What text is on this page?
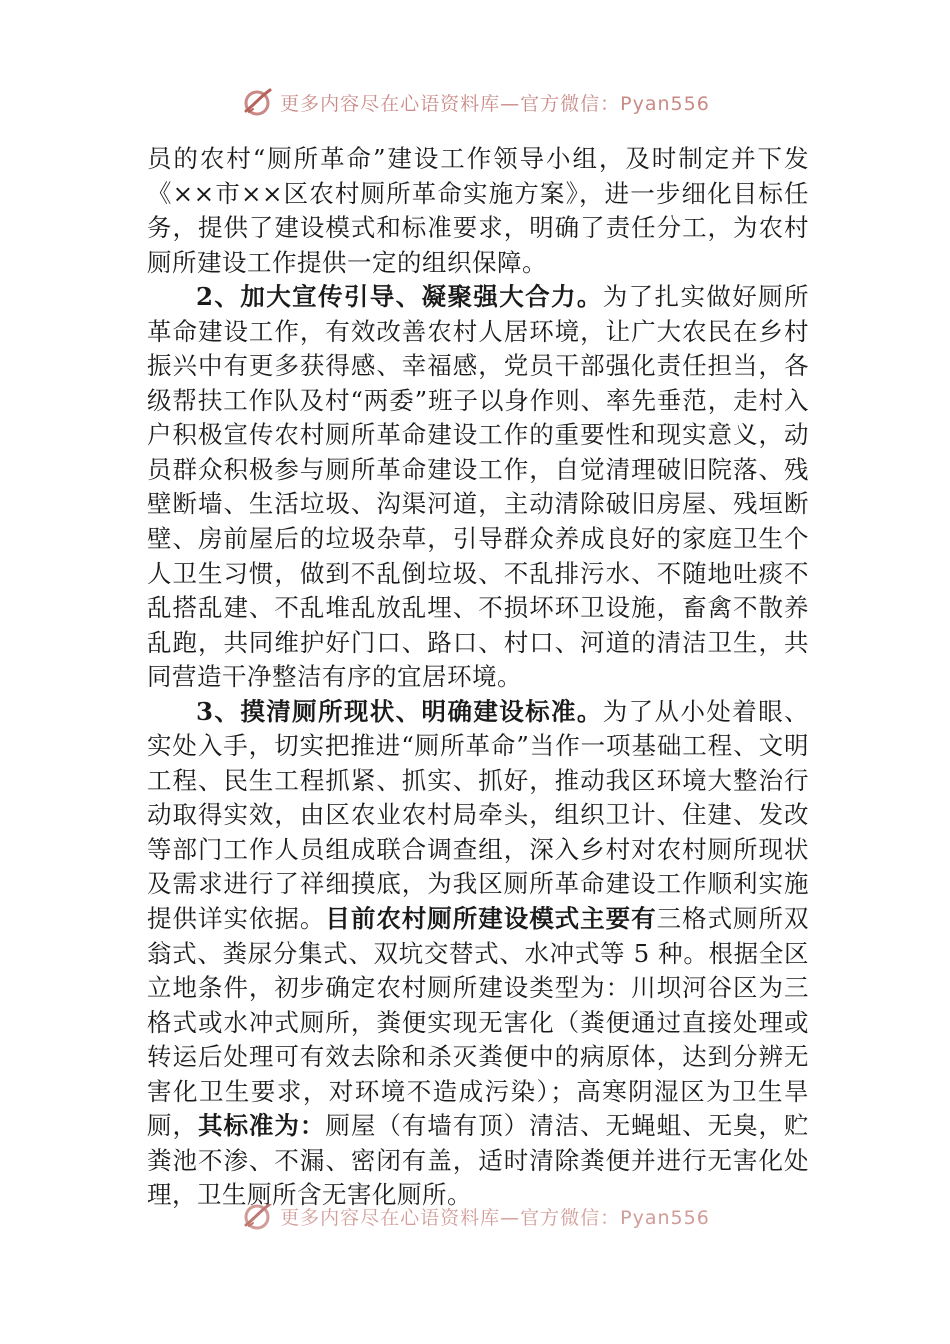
更多内容尽在心语资料库—官方微信：Pyan556

员的农村“厕所革命”建设工作领导小组，及时制定并下发《××市××区农村厕所革命实施方案》，进一步细化目标任务，提供了建设模式和标准要求，明确了责任分工，为农村厕所建设工作提供一定的组织保障。

2、加大宣传引导、凝聚强大合力。为了扎实做好厕所革命建设工作，有效改善农村人居环境，让广大农民在乡村振兴中有更多获得感、幸福感，党员干部强化责任担当，各级帮扶工作队及村“两委”班子以身作则、率先垂范，走村入户积极宣传农村厕所革命建设工作的重要性和现实意义，动员群众积极参与厕所革命建设工作，自觉清理破旧院落、残壁断墙、生活垃圾、沟渠河道，主动清除破旧房屋、残垣断壁、房前屋后的垃圾杂草，引导群众养成良好的家庭卫生个人卫生习惯，做到不乱倒垃圾、不乱排污水、不随地吐痰不乱搭乱建、不乱堆乱放乱埋、不损坏环卫设施，畜禽不散养乱跑，共同维护好门口、路口、村口、河道的清洁卫生，共同营造干净整洁有序的宜居环境。

3、摸清厕所现状、明确建设标准。为了从小处着眼、实处入手，切实把推进“厕所革命”当作一项基础工程、文明工程、民生工程抓紧、抓实、抓好，推动我区环境大整治行动取得实效，由区农业农村局牵头，组织卫计、住建、发改等部门工作人员组成联合调查组，深入乡村对农村厕所现状及需求进行了祥细摸底，为我区厕所革命建设工作顺利实施提供详实依据。目前农村厕所建设模式主要有三格式厕所双翁式、粪尿分集式、双坑交替式、水冲式等 5 种。根据全区立地条件，初步确定农村厕所建设类型为：川坝河谷区为三格式或水冲式厕所，粪便实现无害化（粪便通过直接处理或转运后处理可有效去除和杀灭粪便中的病原体，达到分辨无害化卫生要求，对环境不造成污染）；高寒阴湿区为卫生旱厕，其标准为：厕屋（有墙有顶）清洁、无蝇蛆、无臭，贮粪池不渗、不漏、密闭有盖，适时清除粪便并进行无害化处理，卫生厕所含无害化厕所。

更多内容尽在心语资料库—官方微信：Pyan556
